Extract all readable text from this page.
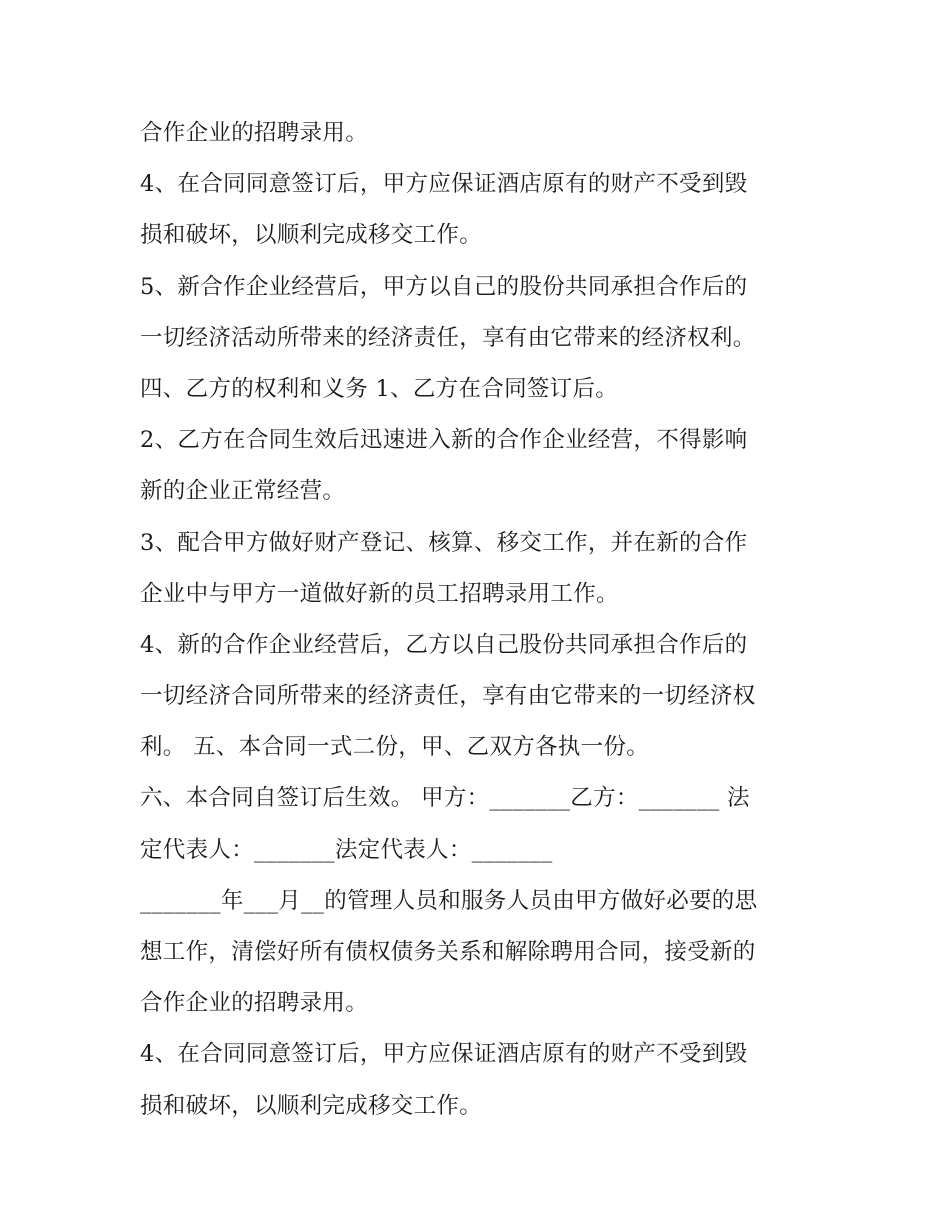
合作企业的招聘录用。
4、在合同同意签订后，甲方应保证酒店原有的财产不受到毁
损和破坏，以顺利完成移交工作。
5、新合作企业经营后，甲方以自己的股份共同承担合作后的
一切经济活动所带来的经济责任，享有由它带来的经济权利。
四、乙方的权利和义务 1、乙方在合同签订后。
2、乙方在合同生效后迅速进入新的合作企业经营，不得影响
新的企业正常经营。
3、配合甲方做好财产登记、核算、移交工作，并在新的合作
企业中与甲方一道做好新的员工招聘录用工作。
4、新的合作企业经营后，乙方以自己股份共同承担合作后的
一切经济合同所带来的经济责任，享有由它带来的一切经济权
利。 五、本合同一式二份，甲、乙双方各执一份。
六、本合同自签订后生效。 甲方：_______乙方：_______ 法
定代表人：_______法定代表人：_______
_______年___月__的管理人员和服务人员由甲方做好必要的思
想工作，清偿好所有债权债务关系和解除聘用合同，接受新的
合作企业的招聘录用。
4、在合同同意签订后，甲方应保证酒店原有的财产不受到毁
损和破坏，以顺利完成移交工作。
